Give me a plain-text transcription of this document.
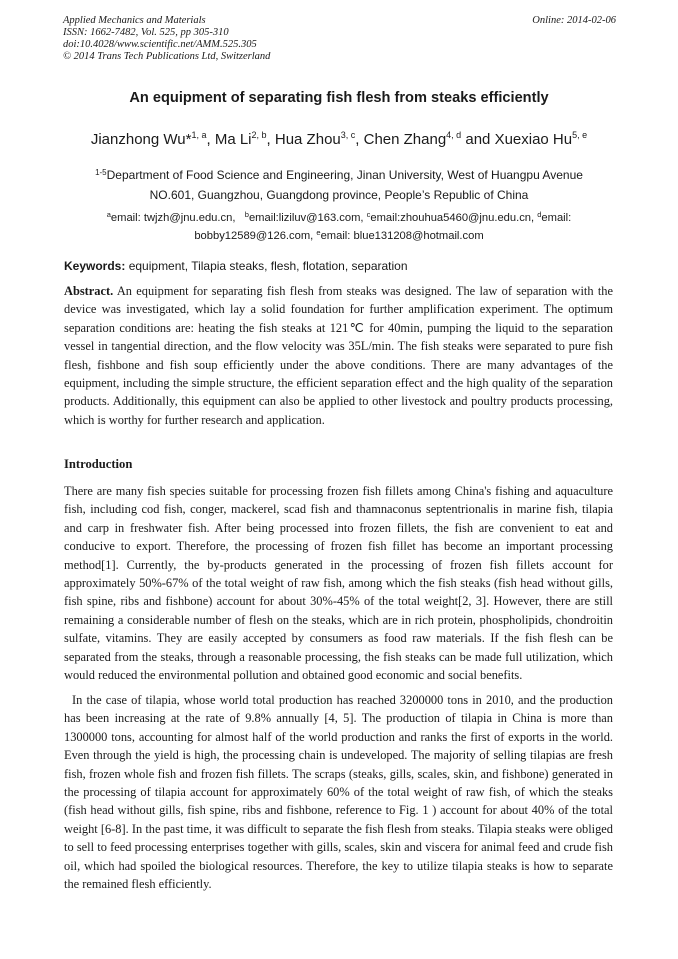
Applied Mechanics and Materials
ISSN: 1662-7482, Vol. 525, pp 305-310
doi:10.4028/www.scientific.net/AMM.525.305
© 2014 Trans Tech Publications Ltd, Switzerland
Online: 2014-02-06
An equipment of separating fish flesh from steaks efficiently
Jianzhong Wu*$^{1, a}$, Ma Li$^{2, b}$, Hua Zhou$^{3, c}$, Chen Zhang$^{4, d}$ and Xuexiao Hu$^{5, e}$
$^{1-5}$Department of Food Science and Engineering, Jinan University, West of Huangpu Avenue
NO.601, Guangzhou, Guangdong province, People’s Republic of China
$^a$email: twjzh@jnu.edu.cn, $^b$email:liziluv@163.com, $^c$email:zhouhua5460@jnu.edu.cn, $^d$email:
bobby12589@126.com, $^e$email: blue131208@hotmail.com
Keywords: equipment, Tilapia steaks, flesh, flotation, separation
Abstract. An equipment for separating fish flesh from steaks was designed. The law of separation with the device was investigated, which lay a solid foundation for further amplification experiment. The optimum separation conditions are: heating the fish steaks at 121℃ for 40min, pumping the liquid to the separation vessel in tangential direction, and the flow velocity was 35L/min. The fish steaks were separated to pure fish flesh, fishbone and fish soup efficiently under the above conditions. There are many advantages of the equipment, including the simple structure, the efficient separation effect and the high quality of the separation products. Additionally, this equipment can also be applied to other livestock and poultry products processing, which is worthy for further research and application.
Introduction
There are many fish species suitable for processing frozen fish fillets among China's fishing and aquaculture fish, including cod fish, conger, mackerel, scad fish and thamnaconus septentrionalis in marine fish, tilapia and carp in freshwater fish. After being processed into frozen fillets, the fish are convenient to eat and conducive to export. Therefore, the processing of frozen fish fillet has become an important processing method[1]. Currently, the by-products generated in the processing of frozen fish fillets account for approximately 50%-67% of the total weight of raw fish, among which the fish steaks (fish head without gills, fish spine, ribs and fishbone) account for about 30%-45% of the total weight[2, 3]. However, there are still remaining a considerable number of flesh on the steaks, which are in rich protein, phospholipids, chondroitin sulfate, vitamins. They are easily accepted by consumers as food raw materials. If the fish flesh can be separated from the steaks, through a reasonable processing, the fish steaks can be made full utilization, which would reduced the environmental pollution and obtained good economic and social benefits.
In the case of tilapia, whose world total production has reached 3200000 tons in 2010, and the production has been increasing at the rate of 9.8% annually [4, 5]. The production of tilapia in China is more than 1300000 tons, accounting for almost half of the world production and ranks the first of exports in the world. Even through the yield is high, the processing chain is undeveloped. The majority of selling tilapias are fresh fish, frozen whole fish and frozen fish fillets. The scraps (steaks, gills, scales, skin, and fishbone) generated in the processing of tilapia account for approximately 60% of the total weight of raw fish, of which the steaks (fish head without gills, fish spine, ribs and fishbone, reference to Fig. 1 ) account for about 40% of the total weight [6-8]. In the past time, it was difficult to separate the fish flesh from steaks. Tilapia steaks were obliged to sell to feed processing enterprises together with gills, scales, skin and viscera for animal feed and crude fish oil, which had spoiled the biological resources. Therefore, the key to utilize tilapia steaks is how to separate the remained flesh efficiently.
